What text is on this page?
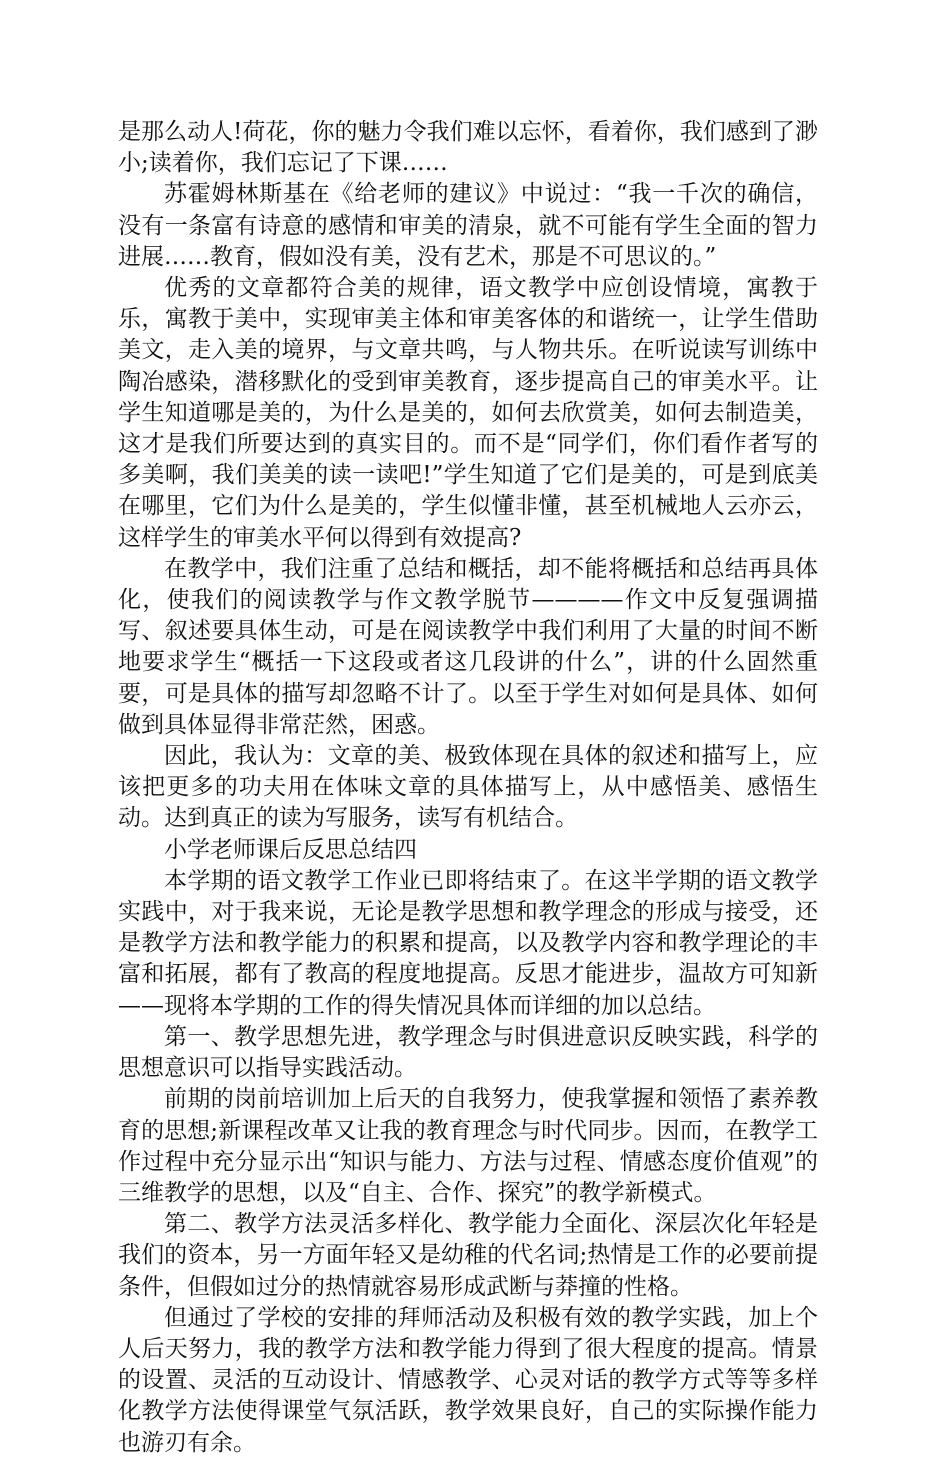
是那么动人!荷花，你的魅力令我们难以忘怀，看着你，我们感到了渺小;读着你，我们忘记了下课……

苏霍姆林斯基在《给老师的建议》中说过：“我一千次的确信，没有一条富有诗意的感情和审美的清泉，就不可能有学生全面的智力进展……教育，假如没有美，没有艺术，那是不可思议的。”

优秀的文章都符合美的规律，语文教学中应创设情境，寓教于乐，寓教于美中，实现审美主体和审美客体的和谐统一，让学生借助美文，走入美的境界，与文章共鸣，与人物共乐。在听说读写训练中陶冶感染，潜移默化的受到审美教育，逐步提高自己的审美水平。让学生知道哪是美的，为什么是美的，如何去欣赏美，如何去制造美，这才是我们所要达到的真实目的。而不是“同学们，你们看作者写的多美啊，我们美美的读一读吧!”学生知道了它们是美的，可是到底美在哪里，它们为什么是美的，学生似懂非懂，甚至机械地人云亦云，这样学生的审美水平何以得到有效提高?

在教学中，我们注重了总结和概括，却不能将概括和总结再具体化，使我们的阅读教学与作文教学脱节————作文中反复强调描写、叙述要具体生动，可是在阅读教学中我们利用了大量的时间不断地要求学生“概括一下这段或者这几段讲的什么”，讲的什么固然重要，可是具体的描写却忽略不计了。以至于学生对如何是具体、如何做到具体显得非常茫然，困惑。

因此，我认为：文章的美、极致体现在具体的叙述和描写上，应该把更多的功夫用在体味文章的具体描写上，从中感悟美、感悟生动。达到真正的读为写服务，读写有机结合。

小学老师课后反思总结四

本学期的语文教学工作业已即将结束了。在这半学期的语文教学实践中，对于我来说，无论是教学思想和教学理念的形成与接受，还是教学方法和教学能力的积累和提高，以及教学内容和教学理论的丰富和拓展，都有了教高的程度地提高。反思才能进步，温故方可知新——现将本学期的工作的得失情况具体而详细的加以总结。

第一、教学思想先进，教学理念与时俱进意识反映实践，科学的思想意识可以指导实践活动。

前期的岗前培训加上后天的自我努力，使我掌握和领悟了素养教育的思想;新课程改革又让我的教育理念与时代同步。因而，在教学工作过程中充分显示出“知识与能力、方法与过程、情感态度价值观”的三维教学的思想，以及“自主、合作、探究”的教学新模式。

第二、教学方法灵活多样化、教学能力全面化、深层次化年轻是我们的资本，另一方面年轻又是幼稚的代名词;热情是工作的必要前提条件，但假如过分的热情就容易形成武断与莽撞的性格。

但通过了学校的安排的拜师活动及积极有效的教学实践，加上个人后天努力，我的教学方法和教学能力得到了很大程度的提高。情景的设置、灵活的互动设计、情感教学、心灵对话的教学方式等等多样化教学方法使得课堂气氛活跃，教学效果良好，自己的实际操作能力也游刃有余。
